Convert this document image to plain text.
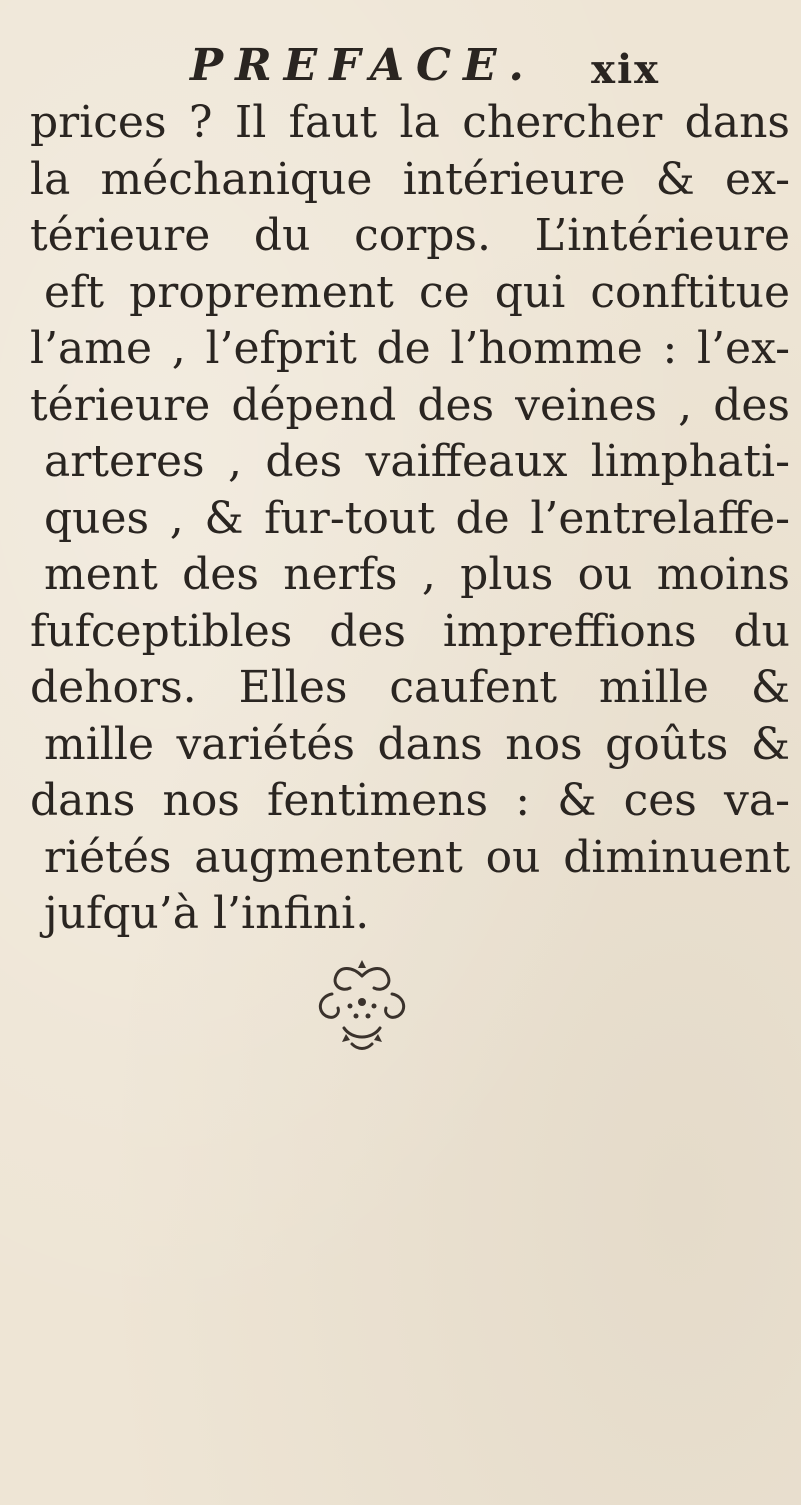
PREFACE. xix
prices ? Il faut la chercher dans
la méchanique intérieure & ex-
térieure du corps. L’intérieure
eft proprement ce qui conftitue
l’ame , l’efprit de l’homme : l’ex-
térieure dépend des veines , des
arteres , des vaiffeaux limphati-
ques , & fur-tout de l’entrelaffe-
ment des nerfs , plus ou moins
fufceptibles des impreffions du
dehors. Elles caufent mille &
mille variétés dans nos goûts &
dans nos fentimens : & ces va-
riétés augmentent ou diminuent
jufqu’à l’infini.
